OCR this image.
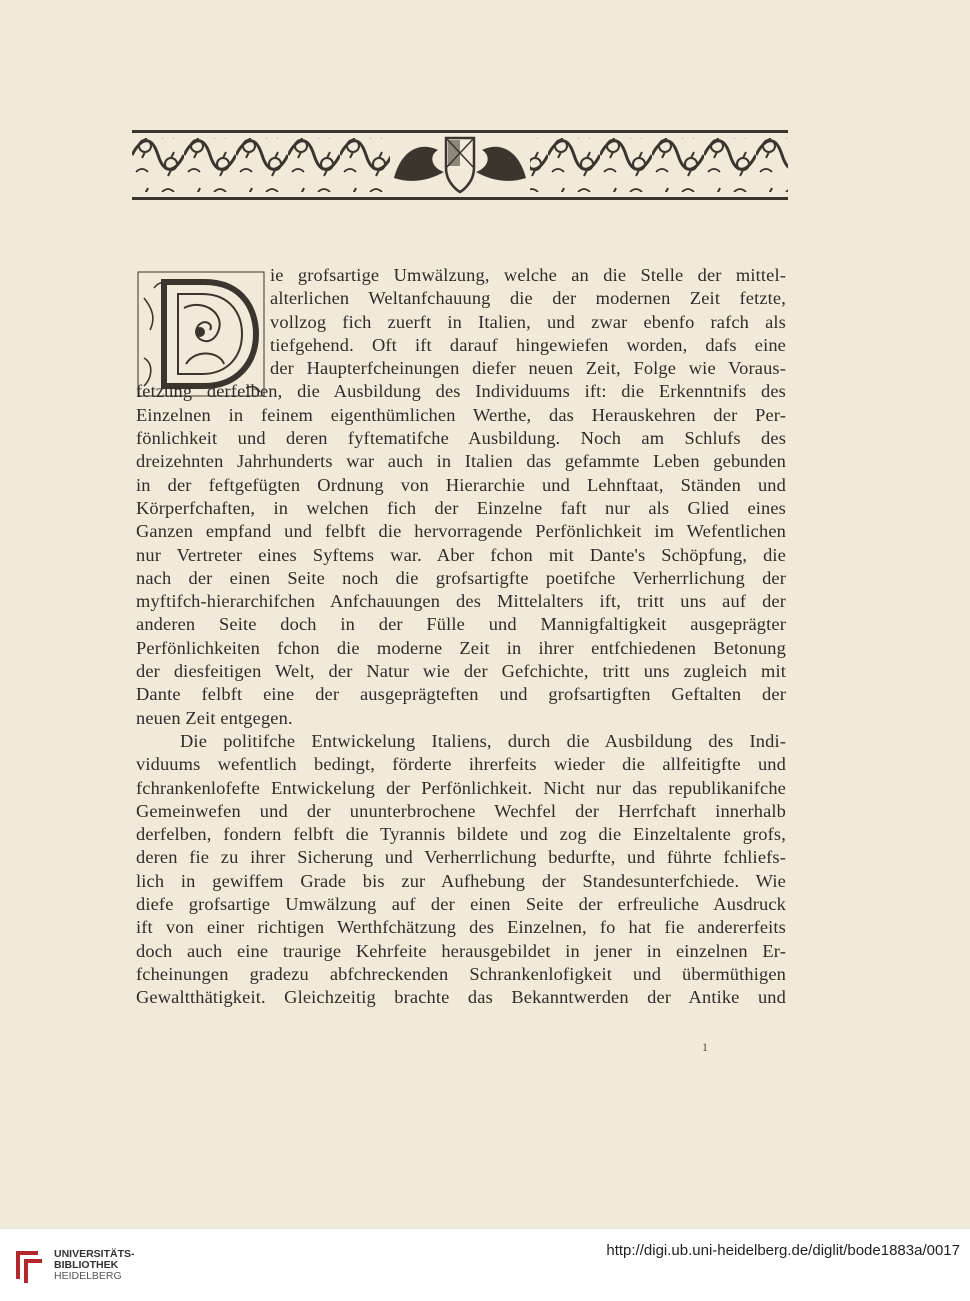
ie grofsartige Umwälzung, welche an die Stelle der mittel-
alterlichen Weltanfchauung die der modernen Zeit fetzte,
vollzog fich zuerft in Italien, und zwar ebenfo rafch als
tiefgehend. Oft ift darauf hingewiefen worden, dafs eine
der Haupterfcheinungen diefer neuen Zeit, Folge wie Voraus-
fetzung derfelben, die Ausbildung des Individuums ift: die Erkenntnifs des
Einzelnen in feinem eigenthümlichen Werthe, das Herauskehren der Per-
fönlichkeit und deren fyftematifche Ausbildung. Noch am Schlufs des
dreizehnten Jahrhunderts war auch in Italien das gefammte Leben gebunden
in der feftgefügten Ordnung von Hierarchie und Lehnftaat, Ständen und
Körperfchaften, in welchen fich der Einzelne faft nur als Glied eines
Ganzen empfand und felbft die hervorragende Perfönlichkeit im Wefentlichen
nur Vertreter eines Syftems war. Aber fchon mit Dante's Schöpfung, die
nach der einen Seite noch die grofsartigfte poetifche Verherrlichung der
myftifch-hierarchifchen Anfchauungen des Mittelalters ift, tritt uns auf der
anderen Seite doch in der Fülle und Mannigfaltigkeit ausgeprägter
Perfönlichkeiten fchon die moderne Zeit in ihrer entfchiedenen Betonung
der diesfeitigen Welt, der Natur wie der Gefchichte, tritt uns zugleich mit
Dante felbft eine der ausgeprägteften und grofsartigften Geftalten der
neuen Zeit entgegen.
Die politifche Entwickelung Italiens, durch die Ausbildung des Indi-
viduums wefentlich bedingt, förderte ihrerfeits wieder die allfeitigfte und
fchrankenlofefte Entwickelung der Perfönlichkeit. Nicht nur das republikanifche
Gemeinwefen und der ununterbrochene Wechfel der Herrfchaft innerhalb
derfelben, fondern felbft die Tyrannis bildete und zog die Einzeltalente grofs,
deren fie zu ihrer Sicherung und Verherrlichung bedurfte, und führte fchliefs-
lich in gewiffem Grade bis zur Aufhebung der Standesunterfchiede. Wie
diefe grofsartige Umwälzung auf der einen Seite der erfreuliche Ausdruck
ift von einer richtigen Werthfchätzung des Einzelnen, fo hat fie andererfeits
doch auch eine traurige Kehrfeite herausgebildet in jener in einzelnen Er-
fcheinungen gradezu abfchreckenden Schrankenlofigkeit und übermüthigen
Gewaltthätigkeit. Gleichzeitig brachte das Bekanntwerden der Antike und
1
UNIVERSITÄTS-
BIBLIOTHEK
HEIDELBERG
http://digi.ub.uni-heidelberg.de/diglit/bode1883a/0017
